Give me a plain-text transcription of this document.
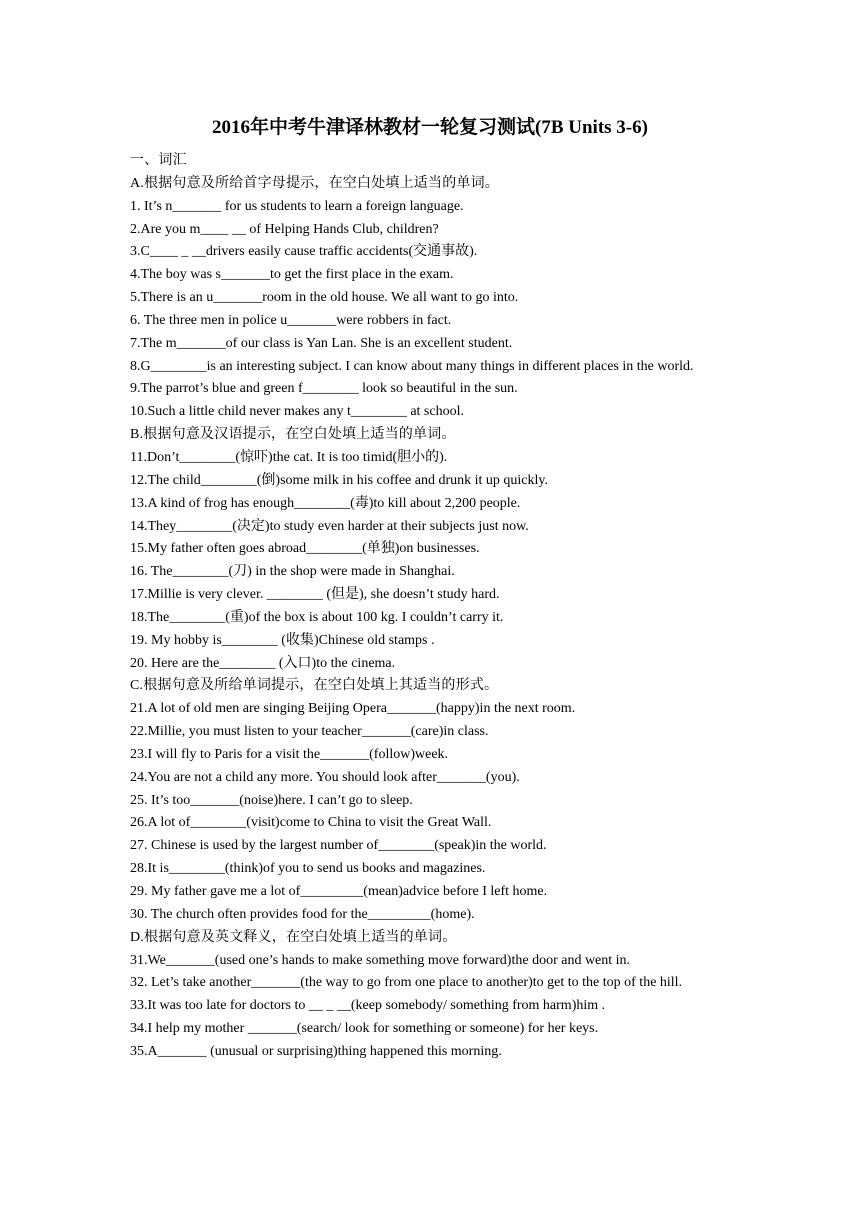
2016年中考牛津译林教材一轮复习测试(7B Units 3-6)
一、词汇
A.根据句意及所给首字母提示，在空白处填上适当的单词。
1. It’s n_______ for us students to learn a foreign language.
2.Are you m____ __ of Helping Hands Club, children?
3.C____ _ __drivers easily cause traffic accidents(交通事故).
4.The boy was s_______to get the first place in the exam.
5.There is an u_______room in the old house. We all want to go into.
6. The three men in police u_______were robbers in fact.
7.The m_______of our class is Yan Lan. She is an excellent student.
8.G________is an interesting subject. I can know about many things in different places in the world.
9.The parrot’s blue and green f________ look so beautiful in the sun.
10.Such a little child never makes any t________ at school.
B.根据句意及汉语提示，在空白处填上适当的单词。
11.Don’t________(惊吓)the cat. It is too timid(胆小的).
12.The child________(倒)some milk in his coffee and drunk it up quickly.
13.A kind of frog has enough________(毒)to kill about 2,200 people.
14.They________(决定)to study even harder at their subjects just now.
15.My father often goes abroad________(单独)on businesses.
16. The________(刀) in the shop were made in Shanghai.
17.Millie is very clever. ________ (但是), she doesn’t study hard.
18.The________(重)of the box is about 100 kg. I couldn’t carry it.
19. My hobby is________ (收集)Chinese old stamps .
20. Here are the________ (入口)to the cinema.
C.根据句意及所给单词提示，在空白处填上其适当的形式。
21.A lot of old men are singing Beijing Opera_______(happy)in the next room.
22.Millie, you must listen to your teacher_______(care)in class.
23.I will fly to Paris for a visit the_______(follow)week.
24.You are not a child any more. You should look after_______(you).
25. It’s too_______(noise)here. I can’t go to sleep.
26.A lot of________(visit)come to China to visit the Great Wall.
27. Chinese is used by the largest number of________(speak)in the world.
28.It is________(think)of you to send us books and magazines.
29. My father gave me a lot of_________(mean)advice before I left home.
30. The church often provides food for the_________(home).
D.根据句意及英文释义，在空白处填上适当的单词。
31.We_______(used one’s hands to make something move forward)the door and went in.
32. Let’s take another_______(the way to go from one place to another)to get to the top of the hill.
33.It was too late for doctors to __ _ __(keep somebody/ something from harm)him .
34.I help my mother _______(search/ look for something or someone) for her keys.
35.A_______ (unusual or surprising)thing happened this morning.
